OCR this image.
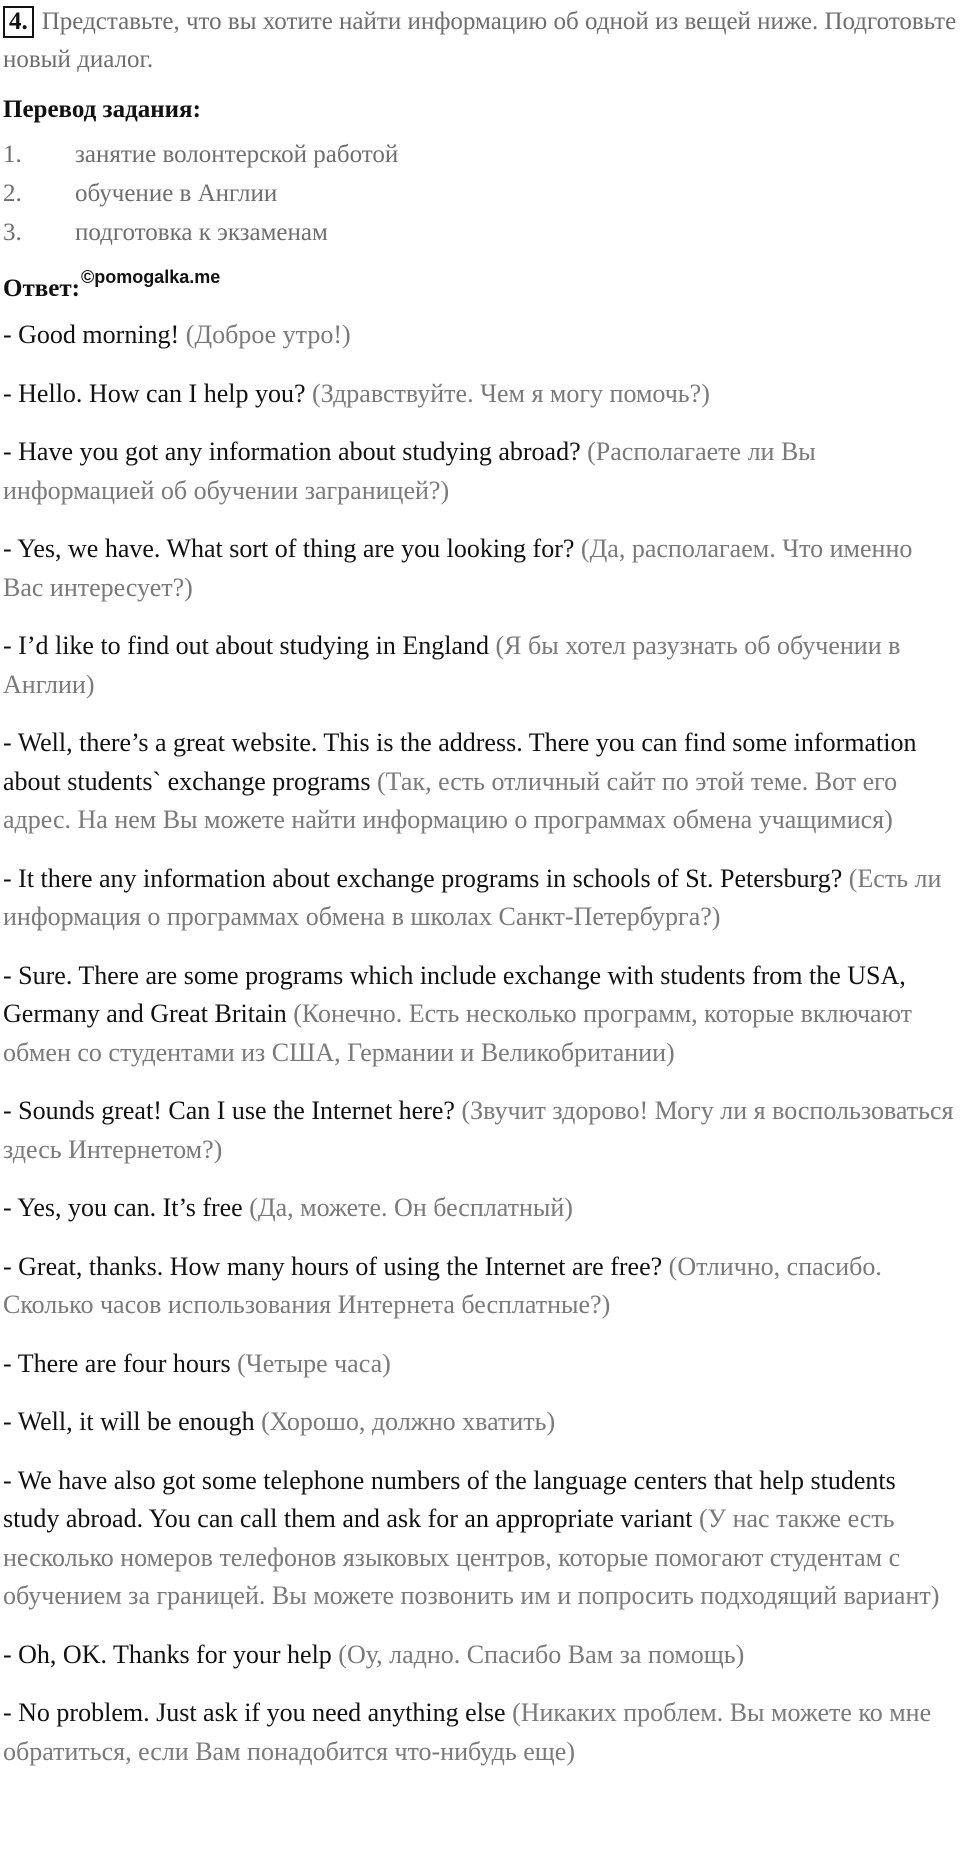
4. Представьте, что вы хотите найти информацию об одной из вещей ниже. Подготовьте новый диалог.
Перевод задания:
1.	занятие волонтерской работой
2.	обучение в Англии
3.	подготовка к экзаменам
Ответ: ©pomogalka.me
- Good morning! (Доброе утро!)
- Hello. How can I help you? (Здравствуйте. Чем я могу помочь?)
- Have you got any information about studying abroad? (Располагаете ли Вы информацией об обучении заграницей?)
- Yes, we have. What sort of thing are you looking for? (Да, располагаем. Что именно Вас интересует?)
- I’d like to find out about studying in England (Я бы хотел разузнать об обучении в Англии)
- Well, there’s a great website. This is the address. There you can find some information about students` exchange programs (Так, есть отличный сайт по этой теме. Вот его адрес. На нем Вы можете найти информацию о программах обмена учащимися)
- It there any information about exchange programs in schools of St. Petersburg? (Есть ли информация о программах обмена в школах Санкт-Петербурга?)
- Sure. There are some programs which include exchange with students from the USA, Germany and Great Britain (Конечно. Есть несколько программ, которые включают обмен со студентами из США, Германии и Великобритании)
- Sounds great! Can I use the Internet here? (Звучит здорово! Могу ли я воспользоваться здесь Интернетом?)
- Yes, you can. It’s free (Да, можете. Он бесплатный)
- Great, thanks. How many hours of using the Internet are free? (Отлично, спасибо. Сколько часов использования Интернета бесплатные?)
- There are four hours (Четыре часа)
- Well, it will be enough (Хорошо, должно хватить)
- We have also got some telephone numbers of the language centers that help students study abroad. You can call them and ask for an appropriate variant (У нас также есть несколько номеров телефонов языковых центров, которые помогают студентам с обучением за границей. Вы можете позвонить им и попросить подходящий вариант)
- Oh, OK. Thanks for your help (Оу, ладно. Спасибо Вам за помощь)
- No problem. Just ask if you need anything else (Никаких проблем. Вы можете ко мне обратиться, если Вам понадобится что-нибудь еще)
